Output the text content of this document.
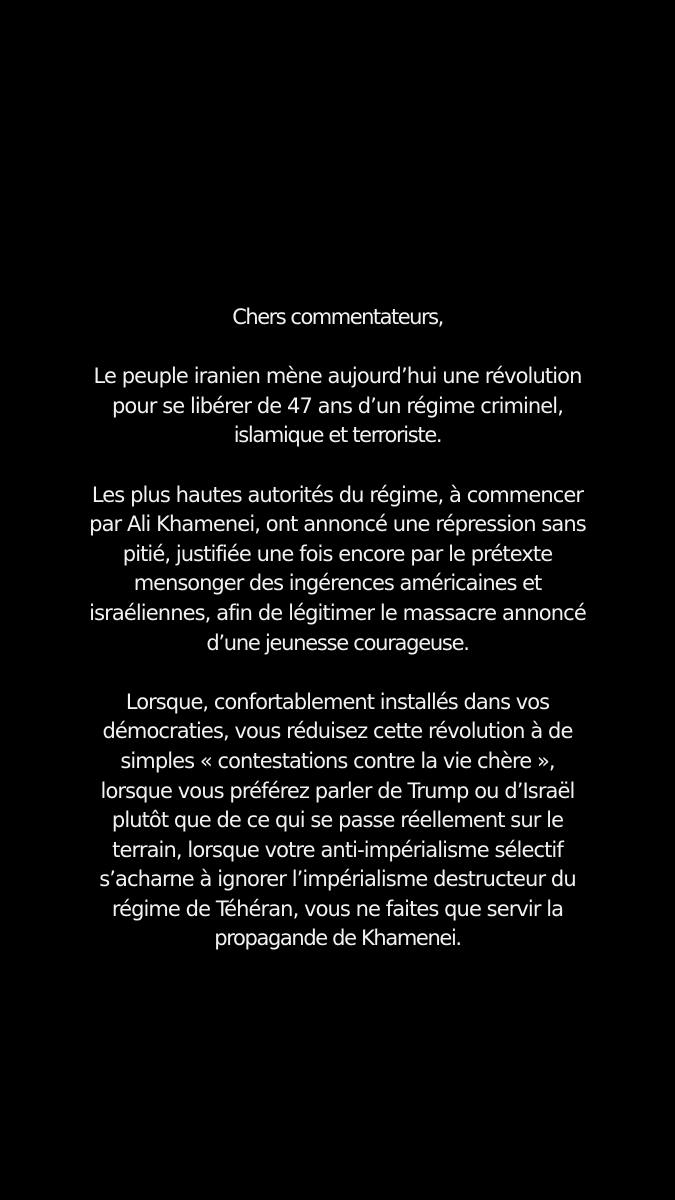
Chers commentateurs,
Le peuple iranien mène aujourd’hui une révolution
pour se libérer de 47 ans d’un régime criminel,
islamique et terroriste.
Les plus hautes autorités du régime, à commencer
par Ali Khamenei, ont annoncé une répression sans
pitié, justifiée une fois encore par le prétexte
mensonger des ingérences américaines et
israéliennes, afin de légitimer le massacre annoncé
d’une jeunesse courageuse.
Lorsque, confortablement installés dans vos
démocraties, vous réduisez cette révolution à de
simples « contestations contre la vie chère »,
lorsque vous préférez parler de Trump ou d’Israël
plutôt que de ce qui se passe réellement sur le
terrain, lorsque votre anti-impérialisme sélectif
s’acharne à ignorer l’impérialisme destructeur du
régime de Téhéran, vous ne faites que servir la
propagande de Khamenei.
